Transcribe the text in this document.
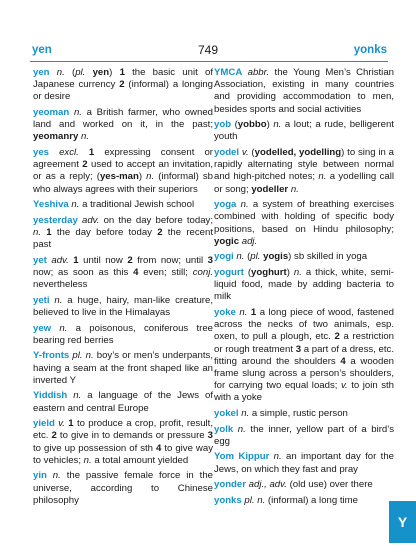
yen	749	yonks

yen n. (pl. yen) 1 the basic unit of Japanese currency 2 (informal) a longing or desire

yeoman n. a British farmer, who owned land and worked on it, in the past; yeomanry n.

yes excl. 1 expressing consent or agreement 2 used to accept an invitation, or as a reply; (yes-man) n. (informal) sb who always agrees with their superiors

Yeshiva n. a traditional Jewish school

yesterday adv. on the day before today; n. 1 the day before today 2 the recent past

yet adv. 1 until now 2 from now; until 3 now; as soon as this 4 even; still; conj. nevertheless

yeti n. a huge, hairy, man-like creature, believed to live in the Himalayas

yew n. a poisonous, coniferous tree bearing red berries

Y-fronts pl. n. boy’s or men’s underpants, having a seam at the front shaped like an inverted Y

Yiddish n. a language of the Jews of eastern and central Europe

yield v. 1 to produce a crop, profit, result, etc. 2 to give in to demands or pressure 3 to give up possession of sth 4 to give way to vehicles; n. a total amount yielded

yin n. the passive female force in the universe, according to Chinese philosophy

YMCA abbr. the Young Men’s Christian Association, existing in many countries and providing accommodation to men, besides sports and social activities

yob (yobbo) n. a lout; a rude, belligerent youth

yodel v. (yodelled, yodelling) to sing in a rapidly alternating style between normal and high-pitched notes; n. a yodelling call or song; yodeller n.

yoga n. a system of breathing exercises combined with holding of specific body positions, based on Hindu philosophy; yogic adj.

yogi n. (pl. yogis) sb skilled in yoga

yogurt (yoghurt) n. a thick, white, semi-liquid food, made by adding bacteria to milk

yoke n. 1 a long piece of wood, fastened across the necks of two animals, esp. oxen, to pull a plough, etc. 2 a restriction or rough treatment 3 a part of a dress, etc. fitting around the shoulders 4 a wooden frame slung across a person’s shoulders, for carrying two equal loads; v. to join sth with a yoke

yokel n. a simple, rustic person

yolk n. the inner, yellow part of a bird’s egg

Yom Kippur n. an important day for the Jews, on which they fast and pray

yonder adj., adv. (old use) over there

yonks pl. n. (informal) a long time

Y
